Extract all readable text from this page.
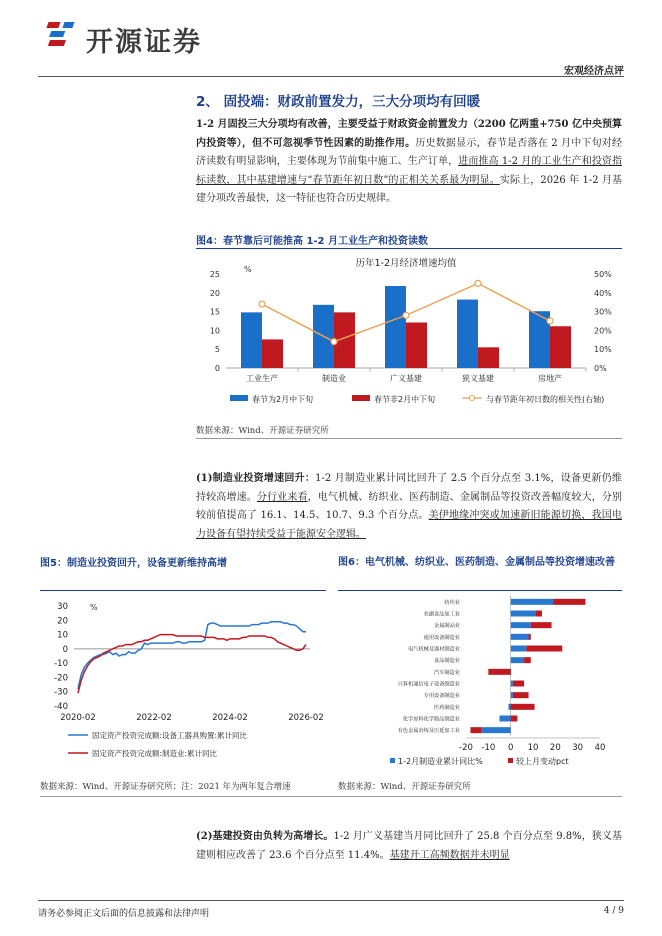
开源证券
宏观经济点评
2、 固投端：财政前置发力，三大分项均有回暖
1-2 月固投三大分项均有改善，主要受益于财政资金前置发力（2200 亿两重+750 亿中央预算内投资等），但不可忽视季节性因素的助推作用。历史数据显示，春节是否落在 2 月中下旬对经济读数有明显影响，主要体现为节前集中施工、生产订单，进而推高 1-2 月的工业生产和投资指标读数，其中基建增速与“春节距年初日数”的正相关关系最为明显。实际上，2026 年 1-2 月基建分项改善最快，这一特征也符合历史规律。
图4：春节靠后可能推高 1-2 月工业生产和投资读数
历年1-2月经济增速均值
%
0
5
10
15
20
25
0%
10%
20%
30%
40%
50%
工业生产	制造业	广义基建	狭义基建	房地产
春节为2月中下旬	春节非2月中下旬	与春节距年初日数的相关性(右轴)
数据来源：Wind、开源证券研究所
(1)制造业投资增速回升：1-2 月制造业累计同比回升了 2.5 个百分点至 3.1%，设备更新仍维持较高增速。分行业来看，电气机械、纺织业、医药制造、金属制品等投资改善幅度较大，分别较前值提高了 16.1、14.5、10.7、9.3 个百分点。美伊地缘冲突或加速新旧能源切换，我国电力设备有望持续受益于能源安全逻辑。
图5：制造业投资回升，设备更新维持高增
%
-40
-30
-20
-10
0
10
20
30
2020-02	2022-02	2024-02	2026-02
固定资产投资完成额:设备工器具购置:累计同比
固定资产投资完成额:制造业:累计同比
数据来源：Wind、开源证券研究所；注：2021 年为两年复合增速
图6：电气机械、纺织业、医药制造、金属制品等投资增速改善
纺织业
农副食品加工业
金属制品业
通用设备制造业
电气机械及器材制造业
食品制造业
汽车制造业
计算机通信电子设备制造业
专用设备制造业
医药制造业
化学原料化学制品制造业
有色金属冶炼及压延加工业
-20 -10 0 10 20 30 40
1-2月制造业累计同比%	较上月变动pct
数据来源：Wind、开源证券研究所
(2)基建投资由负转为高增长。1-2 月广义基建当月同比回升了 25.8 个百分点至 9.8%，狭义基建则相应改善了 23.6 个百分点至 11.4%。基建开工高频数据并未明显
请务必参阅正文后面的信息披露和法律声明	4 / 9
